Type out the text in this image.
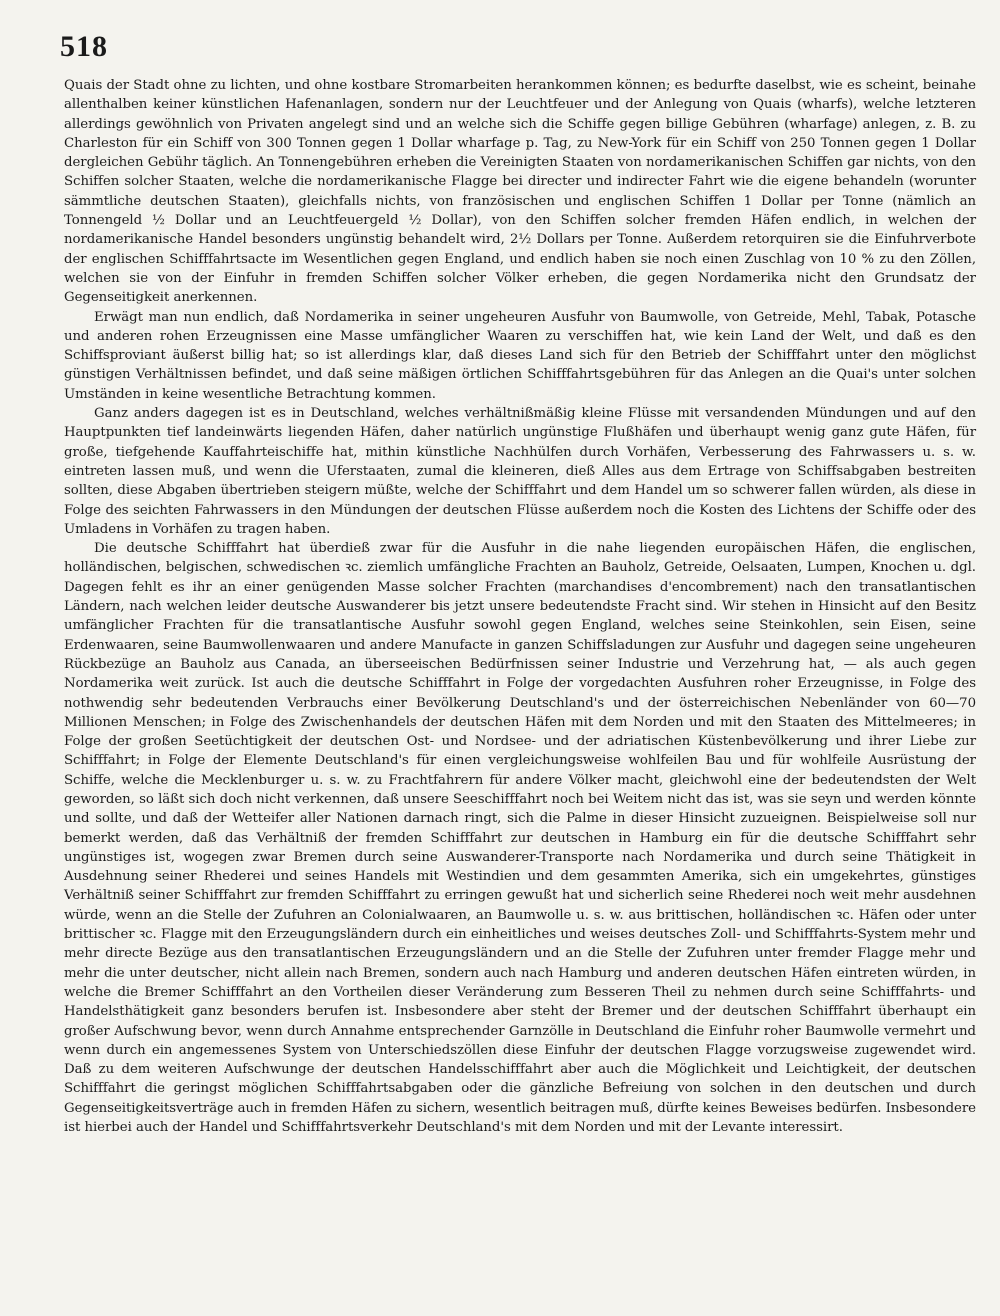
518

Quais der Stadt ohne zu lichten, und ohne kostbare Stromarbeiten herankommen können; es bedurfte daselbst, wie es scheint, beinahe allenthalben keiner künstlichen Hafenanlagen, sondern nur der Leuchtfeuer und der Anlegung von Quais (wharfs), welche letzteren allerdings gewöhnlich von Privaten angelegt sind und an welche sich die Schiffe gegen billige Gebühren (wharfage) anlegen, z. B. zu Charleston für ein Schiff von 300 Tonnen gegen 1 Dollar wharfage p. Tag, zu New-York für ein Schiff von 250 Tonnen gegen 1 Dollar dergleichen Gebühr täglich. An Tonnengebühren erheben die Vereinigten Staaten von nordamerikanischen Schiffen gar nichts, von den Schiffen solcher Staaten, welche die nordamerikanische Flagge bei directer und indirecter Fahrt wie die eigene behandeln (worunter sämmtliche deutschen Staaten), gleichfalls nichts, von französischen und englischen Schiffen 1 Dollar per Tonne (nämlich an Tonnengeld ½ Dollar und an Leuchtfeuergeld ½ Dollar), von den Schiffen solcher fremden Häfen endlich, in welchen der nordamerikanische Handel besonders ungünstig behandelt wird, 2½ Dollars per Tonne. Außerdem retorquiren sie die Einfuhrverbote der englischen Schifffahrtsacte im Wesentlichen gegen England, und endlich haben sie noch einen Zuschlag von 10 % zu den Zöllen, welchen sie von der Einfuhr in fremden Schiffen solcher Völker erheben, die gegen Nordamerika nicht den Grundsatz der Gegenseitigkeit anerkennen.

Erwägt man nun endlich, daß Nordamerika in seiner ungeheuren Ausfuhr von Baumwolle, von Getreide, Mehl, Tabak, Potasche und anderen rohen Erzeugnissen eine Masse umfänglicher Waaren zu verschiffen hat, wie kein Land der Welt, und daß es den Schiffsproviant äußerst billig hat; so ist allerdings klar, daß dieses Land sich für den Betrieb der Schifffahrt unter den möglichst günstigen Verhältnissen befindet, und daß seine mäßigen örtlichen Schifffahrtsgebühren für das Anlegen an die Quai's unter solchen Umständen in keine wesentliche Betrachtung kommen.

Ganz anders dagegen ist es in Deutschland, welches verhältnißmäßig kleine Flüsse mit versandenden Mündungen und auf den Hauptpunkten tief landeinwärts liegenden Häfen, daher natürlich ungünstige Flußhäfen und überhaupt wenig ganz gute Häfen, für große, tiefgehende Kauffahrteischiffe hat, mithin künstliche Nachhülfen durch Vorhäfen, Verbesserung des Fahrwassers u. s. w. eintreten lassen muß, und wenn die Uferstaaten, zumal die kleineren, dieß Alles aus dem Ertrage von Schiffsabgaben bestreiten sollten, diese Abgaben übertrieben steigern müßte, welche der Schifffahrt und dem Handel um so schwerer fallen würden, als diese in Folge des seichten Fahrwassers in den Mündungen der deutschen Flüsse außerdem noch die Kosten des Lichtens der Schiffe oder des Umladens in Vorhäfen zu tragen haben.

Die deutsche Schifffahrt hat überdieß zwar für die Ausfuhr in die nahe liegenden europäischen Häfen, die englischen, holländischen, belgischen, schwedischen ꝛc. ziemlich umfängliche Frachten an Bauholz, Getreide, Oelsaaten, Lumpen, Knochen u. dgl. Dagegen fehlt es ihr an einer genügenden Masse solcher Frachten (marchandises d'encombrement) nach den transatlantischen Ländern, nach welchen leider deutsche Auswanderer bis jetzt unsere bedeutendste Fracht sind. Wir stehen in Hinsicht auf den Besitz umfänglicher Frachten für die transatlantische Ausfuhr sowohl gegen England, welches seine Steinkohlen, sein Eisen, seine Erdenwaaren, seine Baumwollenwaaren und andere Manufacte in ganzen Schiffsladungen zur Ausfuhr und dagegen seine ungeheuren Rückbezüge an Bauholz aus Canada, an überseeischen Bedürfnissen seiner Industrie und Verzehrung hat, — als auch gegen Nordamerika weit zurück. Ist auch die deutsche Schifffahrt in Folge der vorgedachten Ausfuhren roher Erzeugnisse, in Folge des nothwendig sehr bedeutenden Verbrauchs einer Bevölkerung Deutschland's und der österreichischen Nebenländer von 60—70 Millionen Menschen; in Folge des Zwischenhandels der deutschen Häfen mit dem Norden und mit den Staaten des Mittelmeeres; in Folge der großen Seetüchtigkeit der deutschen Ost- und Nordsee- und der adriatischen Küstenbevölkerung und ihrer Liebe zur Schifffahrt; in Folge der Elemente Deutschland's für einen vergleichungsweise wohlfeilen Bau und für wohlfeile Ausrüstung der Schiffe, welche die Mecklenburger u. s. w. zu Frachtfahrern für andere Völker macht, gleichwohl eine der bedeutendsten der Welt geworden, so läßt sich doch nicht verkennen, daß unsere Seeschifffahrt noch bei Weitem nicht das ist, was sie seyn und werden könnte und sollte, und daß der Wetteifer aller Nationen darnach ringt, sich die Palme in dieser Hinsicht zuzueignen. Beispielweise soll nur bemerkt werden, daß das Verhältniß der fremden Schifffahrt zur deutschen in Hamburg ein für die deutsche Schifffahrt sehr ungünstiges ist, wogegen zwar Bremen durch seine Auswanderer-Transporte nach Nordamerika und durch seine Thätigkeit in Ausdehnung seiner Rhederei und seines Handels mit Westindien und dem gesammten Amerika, sich ein umgekehrtes, günstiges Verhältniß seiner Schifffahrt zur fremden Schifffahrt zu erringen gewußt hat und sicherlich seine Rhederei noch weit mehr ausdehnen würde, wenn an die Stelle der Zufuhren an Colonialwaaren, an Baumwolle u. s. w. aus brittischen, holländischen ꝛc. Häfen oder unter brittischer ꝛc. Flagge mit den Erzeugungsländern durch ein einheitliches und weises deutsches Zoll- und Schifffahrts-System mehr und mehr directe Bezüge aus den transatlantischen Erzeugungsländern und an die Stelle der Zufuhren unter fremder Flagge mehr und mehr die unter deutscher, nicht allein nach Bremen, sondern auch nach Hamburg und anderen deutschen Häfen eintreten würden, in welche die Bremer Schifffahrt an den Vortheilen dieser Veränderung zum Besseren Theil zu nehmen durch seine Schifffahrts- und Handelsthätigkeit ganz besonders berufen ist. Insbesondere aber steht der Bremer und der deutschen Schifffahrt überhaupt ein großer Aufschwung bevor, wenn durch Annahme entsprechender Garnzölle in Deutschland die Einfuhr roher Baumwolle vermehrt und wenn durch ein angemessenes System von Unterschiedszöllen diese Einfuhr der deutschen Flagge vorzugsweise zugewendet wird. Daß zu dem weiteren Aufschwunge der deutschen Handelsschifffahrt aber auch die Möglichkeit und Leichtigkeit, der deutschen Schifffahrt die geringst möglichen Schifffahrtsabgaben oder die gänzliche Befreiung von solchen in den deutschen und durch Gegenseitigkeitsverträge auch in fremden Häfen zu sichern, wesentlich beitragen muß, dürfte keines Beweises bedürfen. Insbesondere ist hierbei auch der Handel und Schifffahrtsverkehr Deutschland's mit dem Norden und mit der Levante interessirt.
